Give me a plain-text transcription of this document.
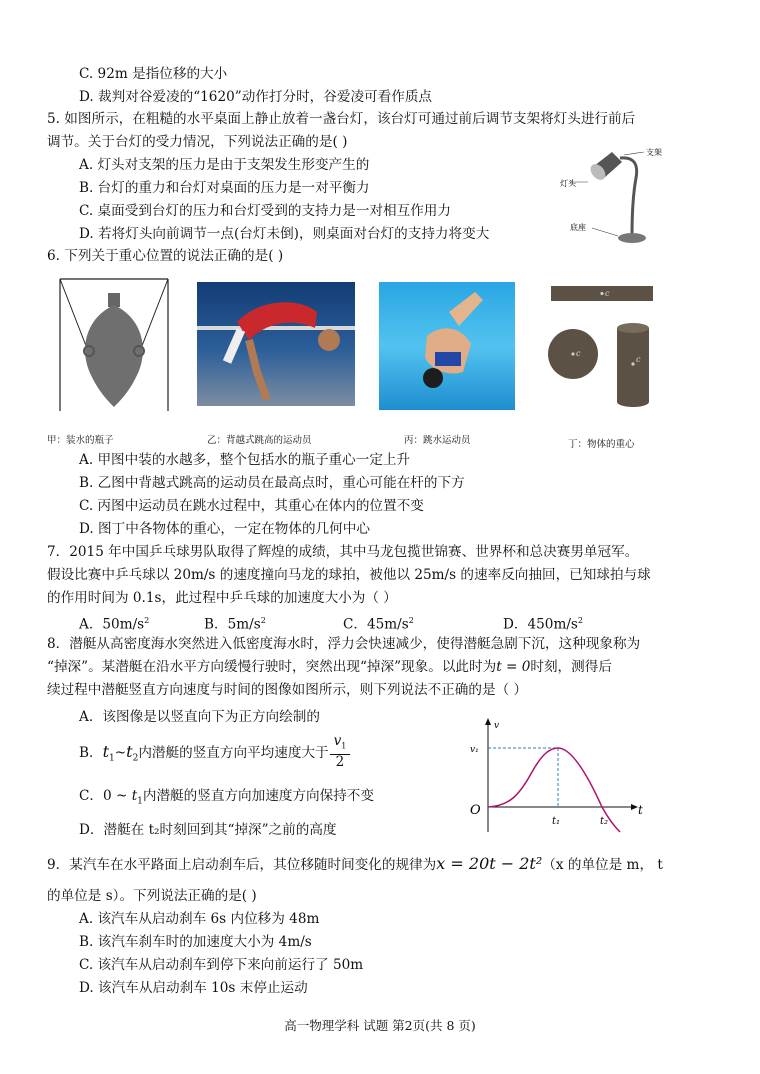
C. 92m 是指位移的大小
D. 裁判对谷爱凌的“1620”动作打分时，谷爱凌可看作质点
5. 如图所示，在粗糙的水平桌面上静止放着一盏台灯，该台灯可通过前后调节支架将灯头进行前后
调节。关于台灯的受力情况，下列说法正确的是( )
A. 灯头对支架的压力是由于支架发生形变产生的
B. 台灯的重力和台灯对桌面的压力是一对平衡力
C. 桌面受到台灯的压力和台灯受到的支持力是一对相互作用力
D. 若将灯头向前调节一点(台灯未倒)，则桌面对台灯的支持力将变大
支架
灯头
底座
6. 下列关于重心位置的说法正确的是( )
c
c
c
甲：装水的瓶子	乙：背越式跳高的运动员	丙：跳水运动员	丁：物体的重心
A. 甲图中装的水越多，整个包括水的瓶子重心一定上升
B. 乙图中背越式跳高的运动员在最高点时，重心可能在杆的下方
C. 丙图中运动员在跳水过程中，其重心在体内的位置不变
D. 图丁中各物体的重心，一定在物体的几何中心
7．2015 年中国乒乓球男队取得了辉煌的成绩，其中马龙包揽世锦赛、世界杯和总决赛男单冠军。
假设比赛中乒乓球以 20m/s 的速度撞向马龙的球拍，被他以 25m/s 的速率反向抽回，已知球拍与球
的作用时间为 0.1s，此过程中乒乓球的加速度大小为（ ）
A．$50m/s^2$	B．$5m/s^2$	C．$45m/s^2$	D．$450m/s^2$
8．潜艇从高密度海水突然进入低密度海水时，浮力会快速减少，使得潜艇急剧下沉，这种现象称为
“掉深”。某潜艇在沿水平方向缓慢行驶时，突然出现“掉深”现象。以此时为t = 0时刻，测得后
续过程中潜艇竖直方向速度与时间的图像如图所示，则下列说法不正确的是（ ）
A．该图像是以竖直向下为正方向绘制的
B．$t_1\sim t_2$内潜艇的竖直方向平均速度大于
$v_1$
2
C．0 ~ $t_1$内潜艇的竖直方向加速度方向保持不变
D．潜艇在 t₂时刻回到其“掉深”之前的高度
v
v₁
t
O
t₁	t₂
9．某汽车在水平路面上启动刹车后，其位移随时间变化的规律为x = 20t − 2t²（x 的单位是 m， t
的单位是 s）。下列说法正确的是( )
A. 该汽车从启动刹车 6s 内位移为 48m
B. 该汽车刹车时的加速度大小为 4m/s
C. 该汽车从启动刹车到停下来向前运行了 50m
D. 该汽车从启动刹车 10s 末停止运动
高一物理学科 试题 第2页(共 8 页)
